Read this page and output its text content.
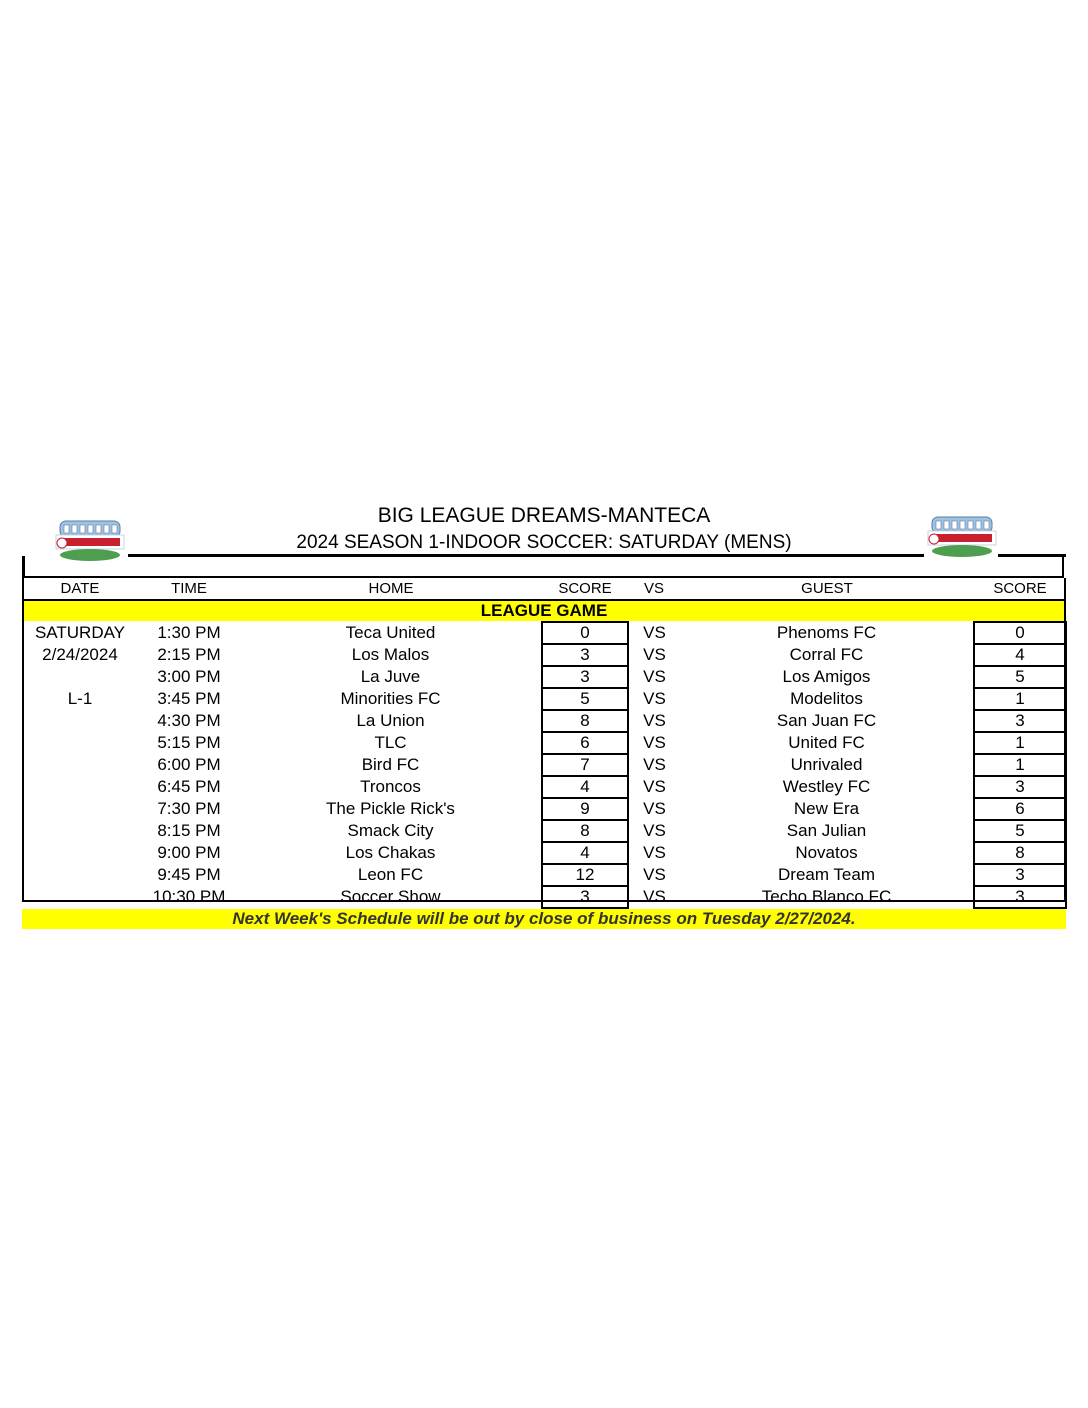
BIG LEAGUE DREAMS-MANTECA
2024 SEASON 1-INDOOR SOCCER: SATURDAY (MENS)
DATE	TIME	HOME	SCORE	VS	GUEST	SCORE
LEAGUE GAME						
SATURDAY	1:30 PM	Teca United	0	VS	Phenoms FC	0
2/24/2024	2:15 PM	Los Malos	3	VS	Corral FC	4
	3:00 PM	La Juve	3	VS	Los Amigos	5
L-1	3:45 PM	Minorities FC	5	VS	Modelitos	1
	4:30 PM	La Union	8	VS	San Juan FC	3
	5:15 PM	TLC	6	VS	United FC	1
	6:00 PM	Bird FC	7	VS	Unrivaled	1
	6:45 PM	Troncos	4	VS	Westley FC	3
	7:30 PM	The Pickle Rick's	9	VS	New Era	6
	8:15 PM	Smack City	8	VS	San Julian	5
	9:00 PM	Los Chakas	4	VS	Novatos	8
	9:45 PM	Leon FC	12	VS	Dream Team	3
	10:30 PM	Soccer Show	3	VS	Techo Blanco FC	3
Next Week's Schedule will be out by close of business on Tuesday 2/27/2024.						
